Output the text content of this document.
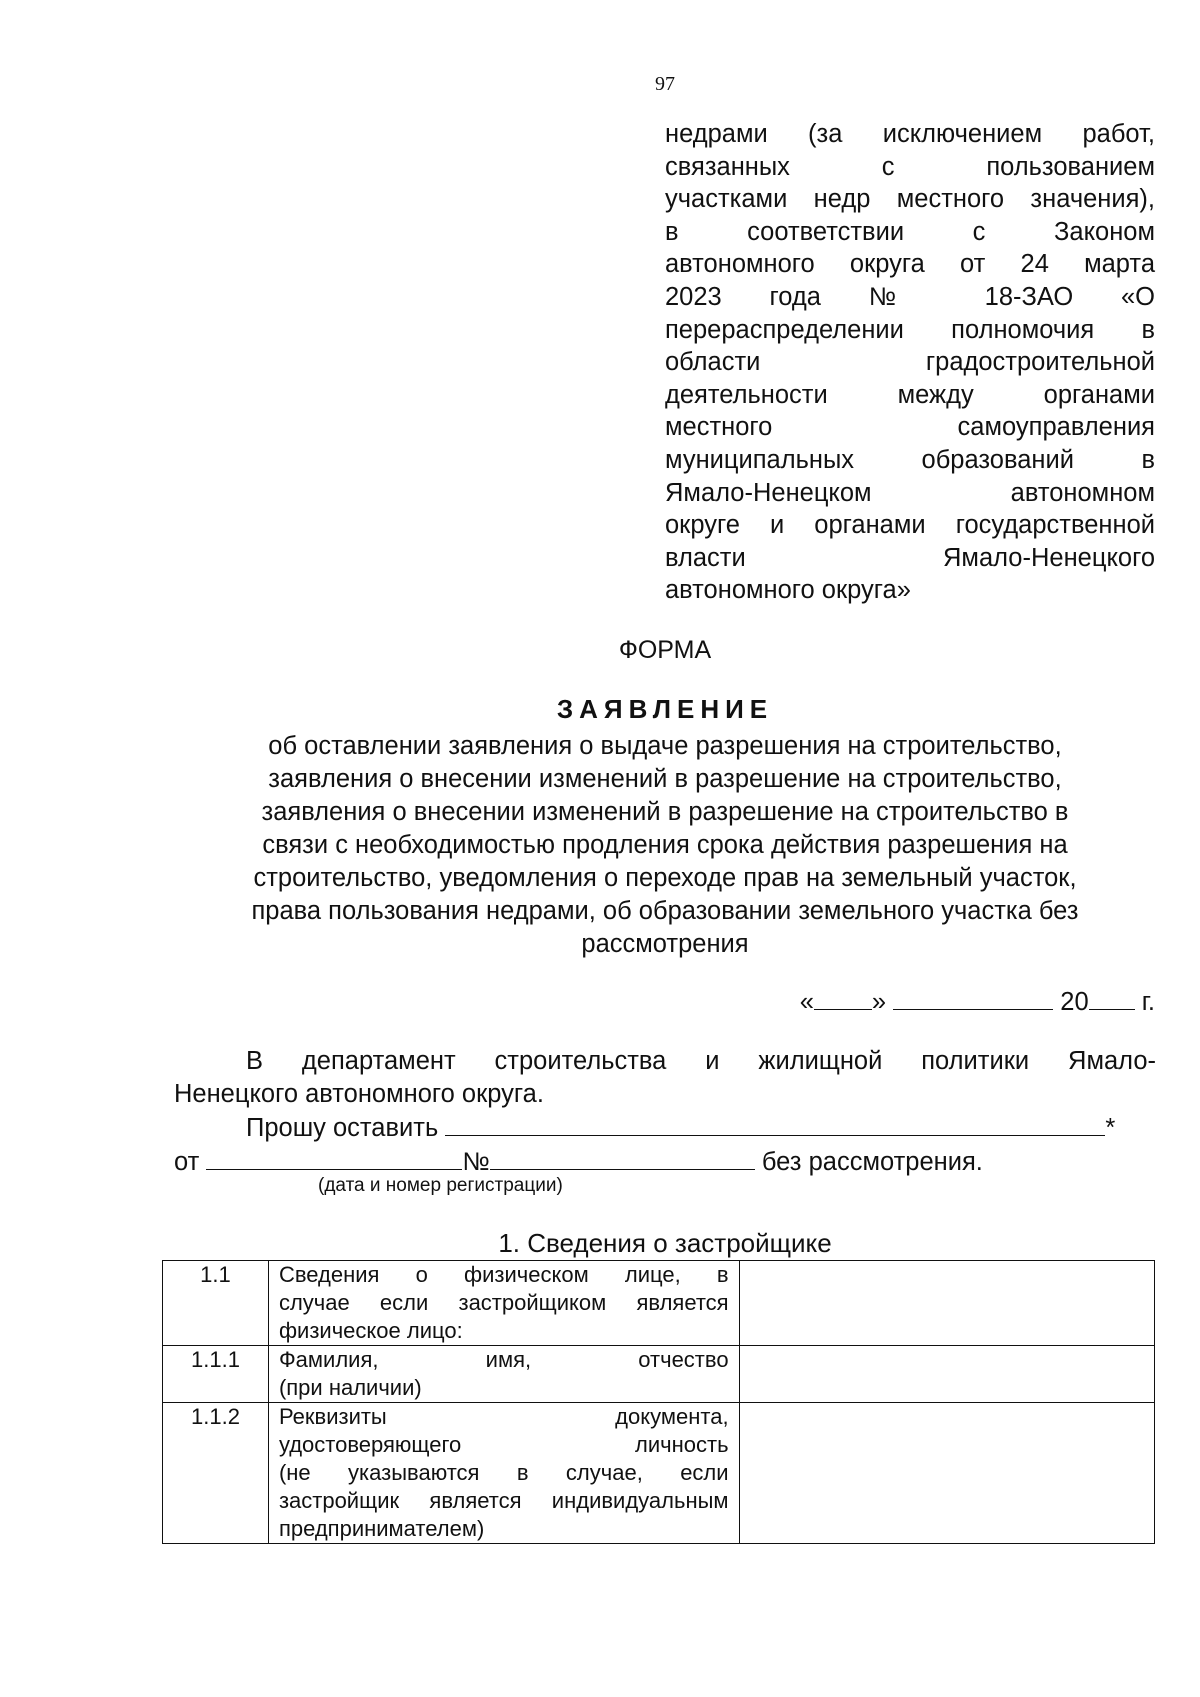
97
недрами (за исключением работ,
связанных с пользованием
участками недр местного значения),
в соответствии с Законом
автономного округа от 24 марта
2023 года № 18-ЗАО «О
перераспределении полномочия в
области градостроительной
деятельности между органами
местного самоуправления
муниципальных образований в
Ямало-Ненецком автономном
округе и органами государственной
власти Ямало-Ненецкого
автономного округа»
ФОРМА
ЗАЯВЛЕНИЕ
об оставлении заявления о выдаче разрешения на строительство,
заявления о внесении изменений в разрешение на строительство,
заявления о внесении изменений в разрешение на строительство в
связи с необходимостью продления срока действия разрешения на
строительство, уведомления о переходе прав на земельный участок,
права пользования недрами, об образовании земельного участка без
рассмотрения
« »	20 г.
В департамент строительства и жилищной политики Ямало-
Ненецкого автономного округа.
Прошу оставить	*
от	№	без рассмотрения.
(дата и номер регистрации)
1. Сведения о застройщике
1.1	Сведения о физическом лице, в
случае если застройщиком является
физическое лицо:	

1.1.1	Фамилия, имя, отчество
(при наличии)	

1.1.2	Реквизиты документа,
удостоверяющего личность
(не указываются в случае, если
застройщик является индивидуальным
предпринимателем)	
